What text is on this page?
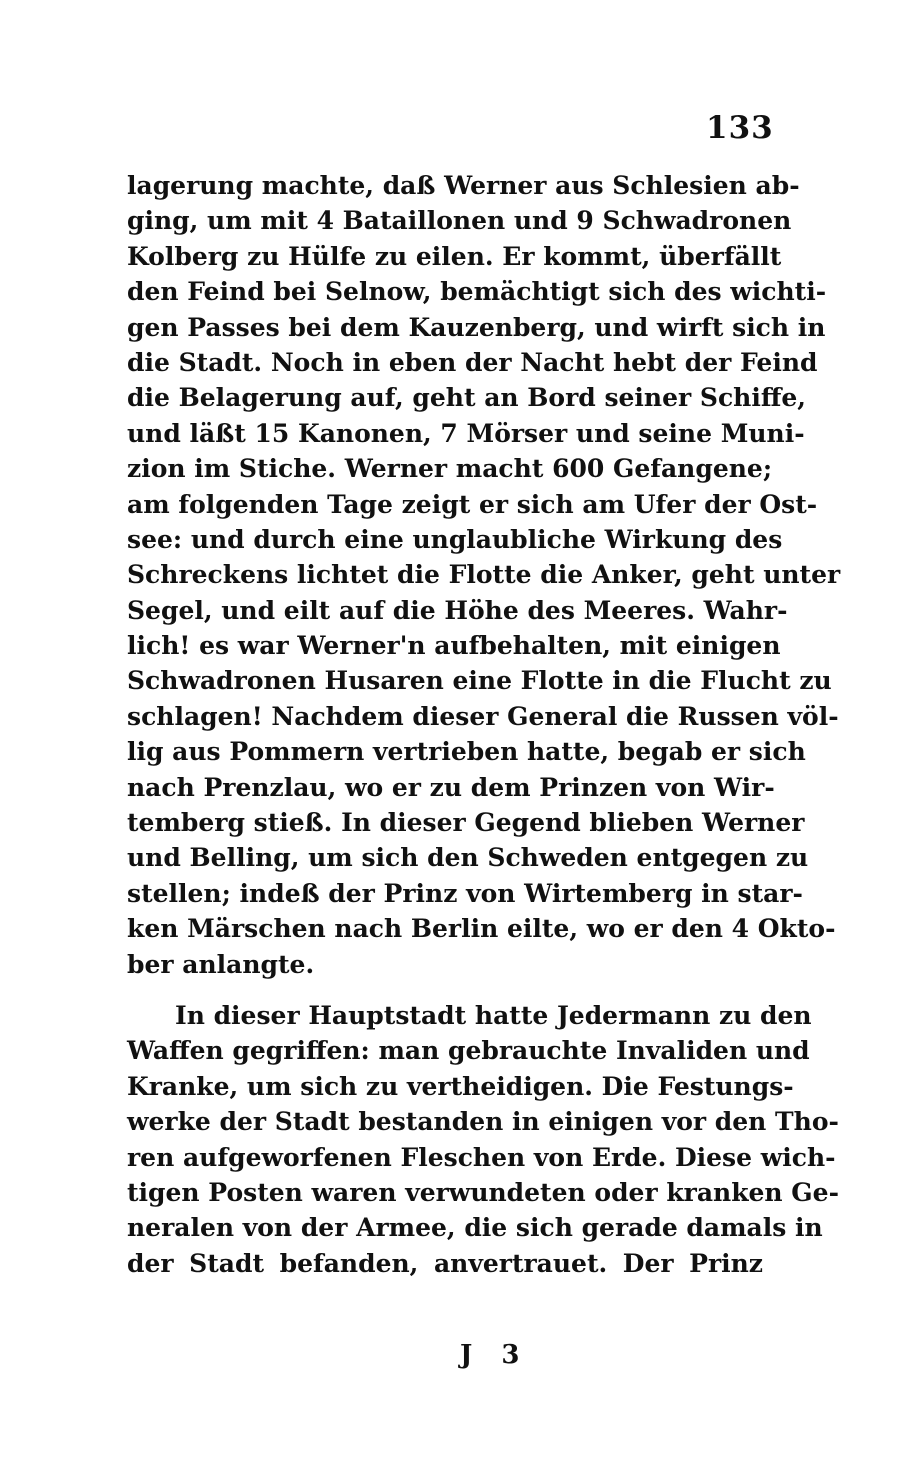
133
lagerung machte, daß Werner aus Schlesien ab-
ging, um mit 4 Bataillonen und 9 Schwadronen
Kolberg zu Hülfe zu eilen. Er kommt, überfällt
den Feind bei Selnow, bemächtigt sich des wichti-
gen Passes bei dem Kauzenberg, und wirft sich in
die Stadt. Noch in eben der Nacht hebt der Feind
die Belagerung auf, geht an Bord seiner Schiffe,
und läßt 15 Kanonen, 7 Mörser und seine Muni-
zion im Stiche. Werner macht 600 Gefangene;
am folgenden Tage zeigt er sich am Ufer der Ost-
see: und durch eine unglaubliche Wirkung des
Schreckens lichtet die Flotte die Anker, geht unter
Segel, und eilt auf die Höhe des Meeres. Wahr-
lich! es war Werner'n aufbehalten, mit einigen
Schwadronen Husaren eine Flotte in die Flucht zu
schlagen! Nachdem dieser General die Russen völ-
lig aus Pommern vertrieben hatte, begab er sich
nach Prenzlau, wo er zu dem Prinzen von Wir-
temberg stieß. In dieser Gegend blieben Werner
und Belling, um sich den Schweden entgegen zu
stellen; indeß der Prinz von Wirtemberg in star-
ken Märschen nach Berlin eilte, wo er den 4 Okto-
ber anlangte.
In dieser Hauptstadt hatte Jedermann zu den
Waffen gegriffen: man gebrauchte Invaliden und
Kranke, um sich zu vertheidigen. Die Festungs-
werke der Stadt bestanden in einigen vor den Tho-
ren aufgeworfenen Fleschen von Erde. Diese wich-
tigen Posten waren verwundeten oder kranken Ge-
neralen von der Armee, die sich gerade damals in
der Stadt befanden, anvertrauet. Der Prinz
J 3
